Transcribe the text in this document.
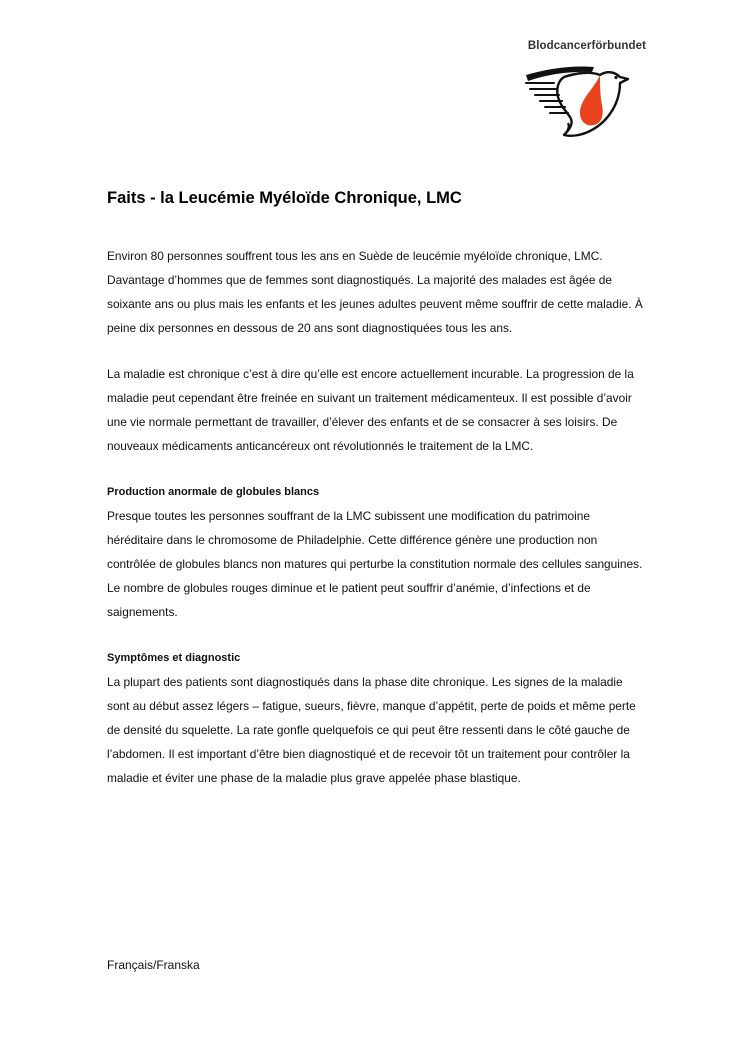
Blodcancerförbundet
Faits - la Leucémie Myéloïde Chronique, LMC

Environ 80 personnes souffrent tous les ans en Suède de leucémie myéloïde chronique, LMC. Davantage d’hommes que de femmes sont diagnostiqués. La majorité des malades est âgée de soixante ans ou plus mais les enfants et les jeunes adultes peuvent même souffrir de cette maladie. À peine dix personnes en dessous de 20 ans sont diagnostiquées tous les ans.

La maladie est chronique c’est à dire qu’elle est encore actuellement incurable. La progression de la maladie peut cependant être freinée en suivant un traitement médicamenteux. Il est possible d’avoir une vie normale permettant de travailler, d’élever des enfants et de se consacrer à ses loisirs. De nouveaux médicaments anticancéreux ont révolutionnés le traitement de la LMC.

Production anormale de globules blancs

Presque toutes les personnes souffrant de la LMC subissent une modification du patrimoine héréditaire dans le chromosome de Philadelphie. Cette différence génère une production non contrôlée de globules blancs non matures qui perturbe la constitution normale des cellules sanguines. Le nombre de globules rouges diminue et le patient peut souffrir d’anémie, d’infections et de saignements.

Symptômes et diagnostic

La plupart des patients sont diagnostiqués dans la phase dite chronique. Les signes de la maladie sont au début assez légers – fatigue, sueurs, fièvre, manque d’appétit, perte de poids et même perte de densité du squelette. La rate gonfle quelquefois ce qui peut être ressenti dans le côté gauche de l’abdomen. Il est important d’être bien diagnostiqué et de recevoir tôt un traitement pour contrôler la maladie et éviter une phase de la maladie plus grave appelée phase blastique.

Français/Franska
